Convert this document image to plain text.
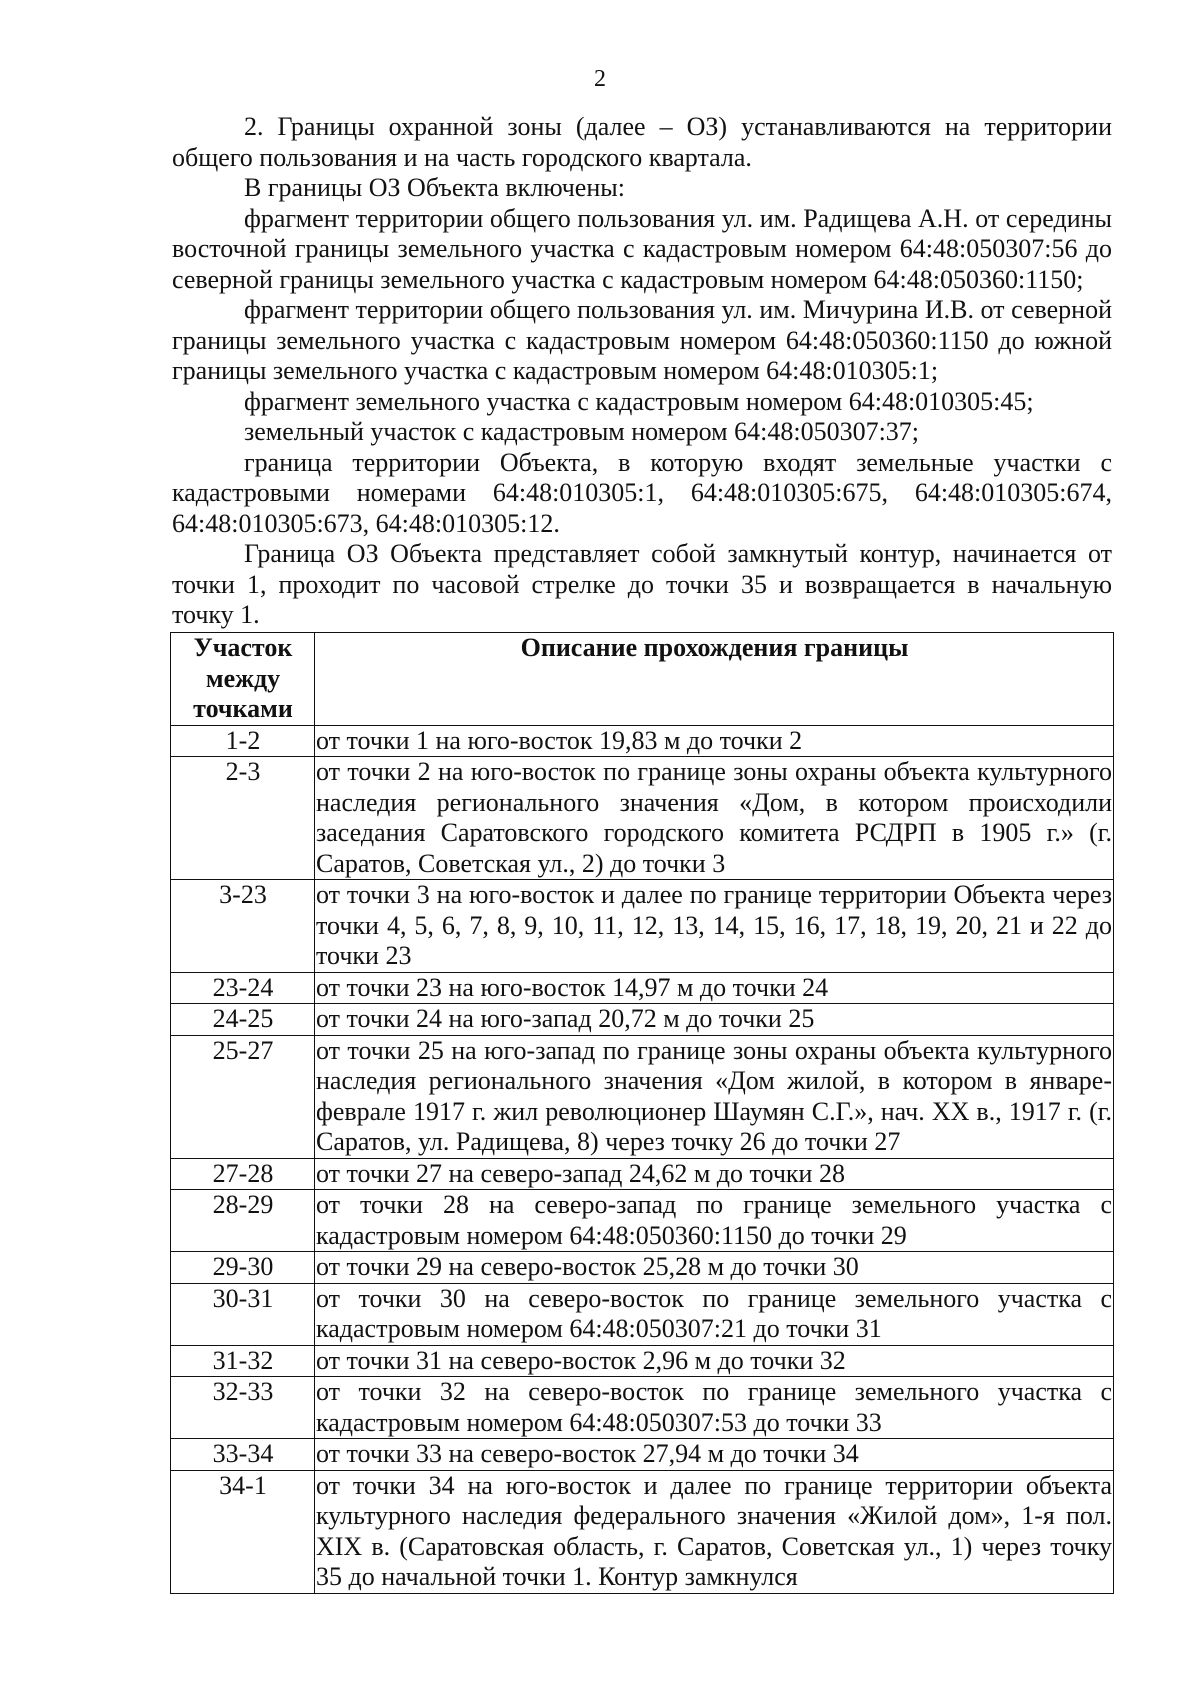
2

2. Границы охранной зоны (далее – ОЗ) устанавливаются на территории общего пользования и на часть городского квартала.

В границы ОЗ Объекта включены:

фрагмент территории общего пользования ул. им. Радищева А.Н. от середины восточной границы земельного участка с кадастровым номером 64:48:050307:56 до северной границы земельного участка с кадастровым номером 64:48:050360:1150;

фрагмент территории общего пользования ул. им. Мичурина И.В. от северной границы земельного участка с кадастровым номером 64:48:050360:1150 до южной границы земельного участка с кадастровым номером 64:48:010305:1;

фрагмент земельного участка с кадастровым номером 64:48:010305:45;

земельный участок с кадастровым номером 64:48:050307:37;

граница территории Объекта, в которую входят земельные участки с кадастровыми номерами 64:48:010305:1, 64:48:010305:675, 64:48:010305:674, 64:48:010305:673, 64:48:010305:12.

Граница ОЗ Объекта представляет собой замкнутый контур, начинается от точки 1, проходит по часовой стрелке до точки 35 и возвращается в начальную точку 1.

Участок между точками	Описание прохождения границы
1-2	от точки 1 на юго-восток 19,83 м до точки 2
2-3	от точки 2 на юго-восток по границе зоны охраны объекта культурного наследия регионального значения «Дом, в котором происходили заседания Саратовского городского комитета РСДРП в 1905 г.» (г. Саратов, Советская ул., 2) до точки 3
3-23	от точки 3 на юго-восток и далее по границе территории Объекта через точки 4, 5, 6, 7, 8, 9, 10, 11, 12, 13, 14, 15, 16, 17, 18, 19, 20, 21 и 22 до точки 23
23-24	от точки 23 на юго-восток 14,97 м до точки 24
24-25	от точки 24 на юго-запад 20,72 м до точки 25
25-27	от точки 25 на юго-запад по границе зоны охраны объекта культурного наследия регионального значения «Дом жилой, в котором в январе-феврале 1917 г. жил революционер Шаумян С.Г.», нач. XX в., 1917 г. (г. Саратов, ул. Радищева, 8) через точку 26 до точки 27
27-28	от точки 27 на северо-запад 24,62 м до точки 28
28-29	от точки 28 на северо-запад по границе земельного участка с кадастровым номером 64:48:050360:1150 до точки 29
29-30	от точки 29 на северо-восток 25,28 м до точки 30
30-31	от точки 30 на северо-восток по границе земельного участка с кадастровым номером 64:48:050307:21 до точки 31
31-32	от точки 31 на северо-восток 2,96 м до точки 32
32-33	от точки 32 на северо-восток по границе земельного участка с кадастровым номером 64:48:050307:53 до точки 33
33-34	от точки 33 на северо-восток 27,94 м до точки 34
34-1	от точки 34 на юго-восток и далее по границе территории объекта культурного наследия федерального значения «Жилой дом», 1-я пол. XIX в. (Саратовская область, г. Саратов, Советская ул., 1) через точку 35 до начальной точки 1. Контур замкнулся
